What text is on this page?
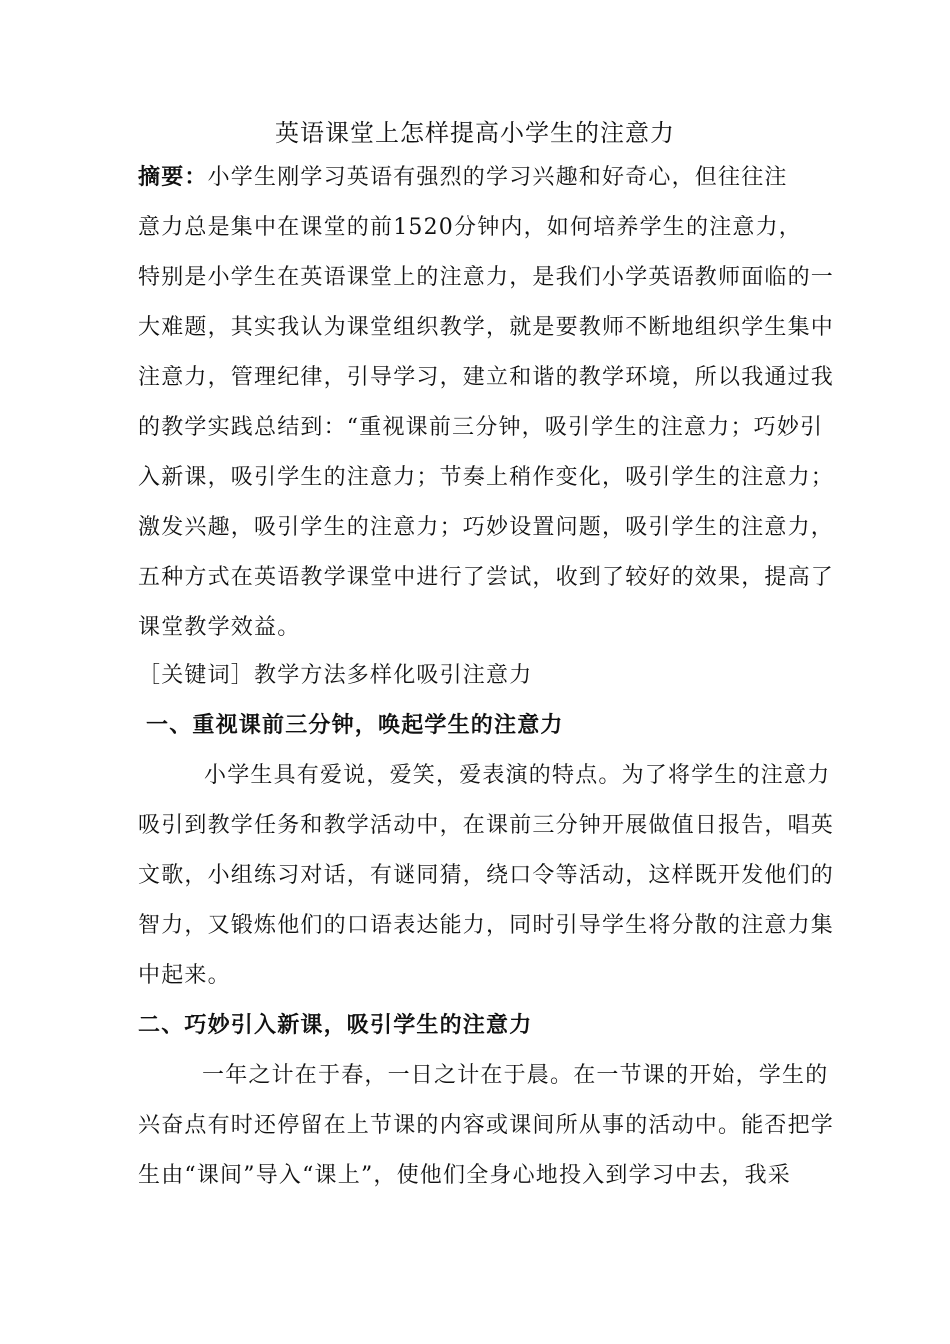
英语课堂上怎样提高小学生的注意力
摘要：小学生刚学习英语有强烈的学习兴趣和好奇心，但往往注
意力总是集中在课堂的前1520分钟内，如何培养学生的注意力，
特别是小学生在英语课堂上的注意力，是我们小学英语教师面临的一
大难题，其实我认为课堂组织教学，就是要教师不断地组织学生集中
注意力，管理纪律，引导学习，建立和谐的教学环境，所以我通过我
的教学实践总结到：“重视课前三分钟，吸引学生的注意力；巧妙引
入新课，吸引学生的注意力；节奏上稍作变化，吸引学生的注意力；
激发兴趣，吸引学生的注意力；巧妙设置问题，吸引学生的注意力，
五种方式在英语教学课堂中进行了尝试，收到了较好的效果，提高了
课堂教学效益。
［关键词］教学方法多样化吸引注意力
一、重视课前三分钟，唤起学生的注意力
小学生具有爱说，爱笑，爱表演的特点。为了将学生的注意力
吸引到教学任务和教学活动中，在课前三分钟开展做值日报告，唱英
文歌，小组练习对话，有谜同猜，绕口令等活动，这样既开发他们的
智力，又锻炼他们的口语表达能力，同时引导学生将分散的注意力集
中起来。
二、巧妙引入新课，吸引学生的注意力
一年之计在于春，一日之计在于晨。在一节课的开始，学生的
兴奋点有时还停留在上节课的内容或课间所从事的活动中。能否把学
生由“课间”导入“课上”，使他们全身心地投入到学习中去，我采
